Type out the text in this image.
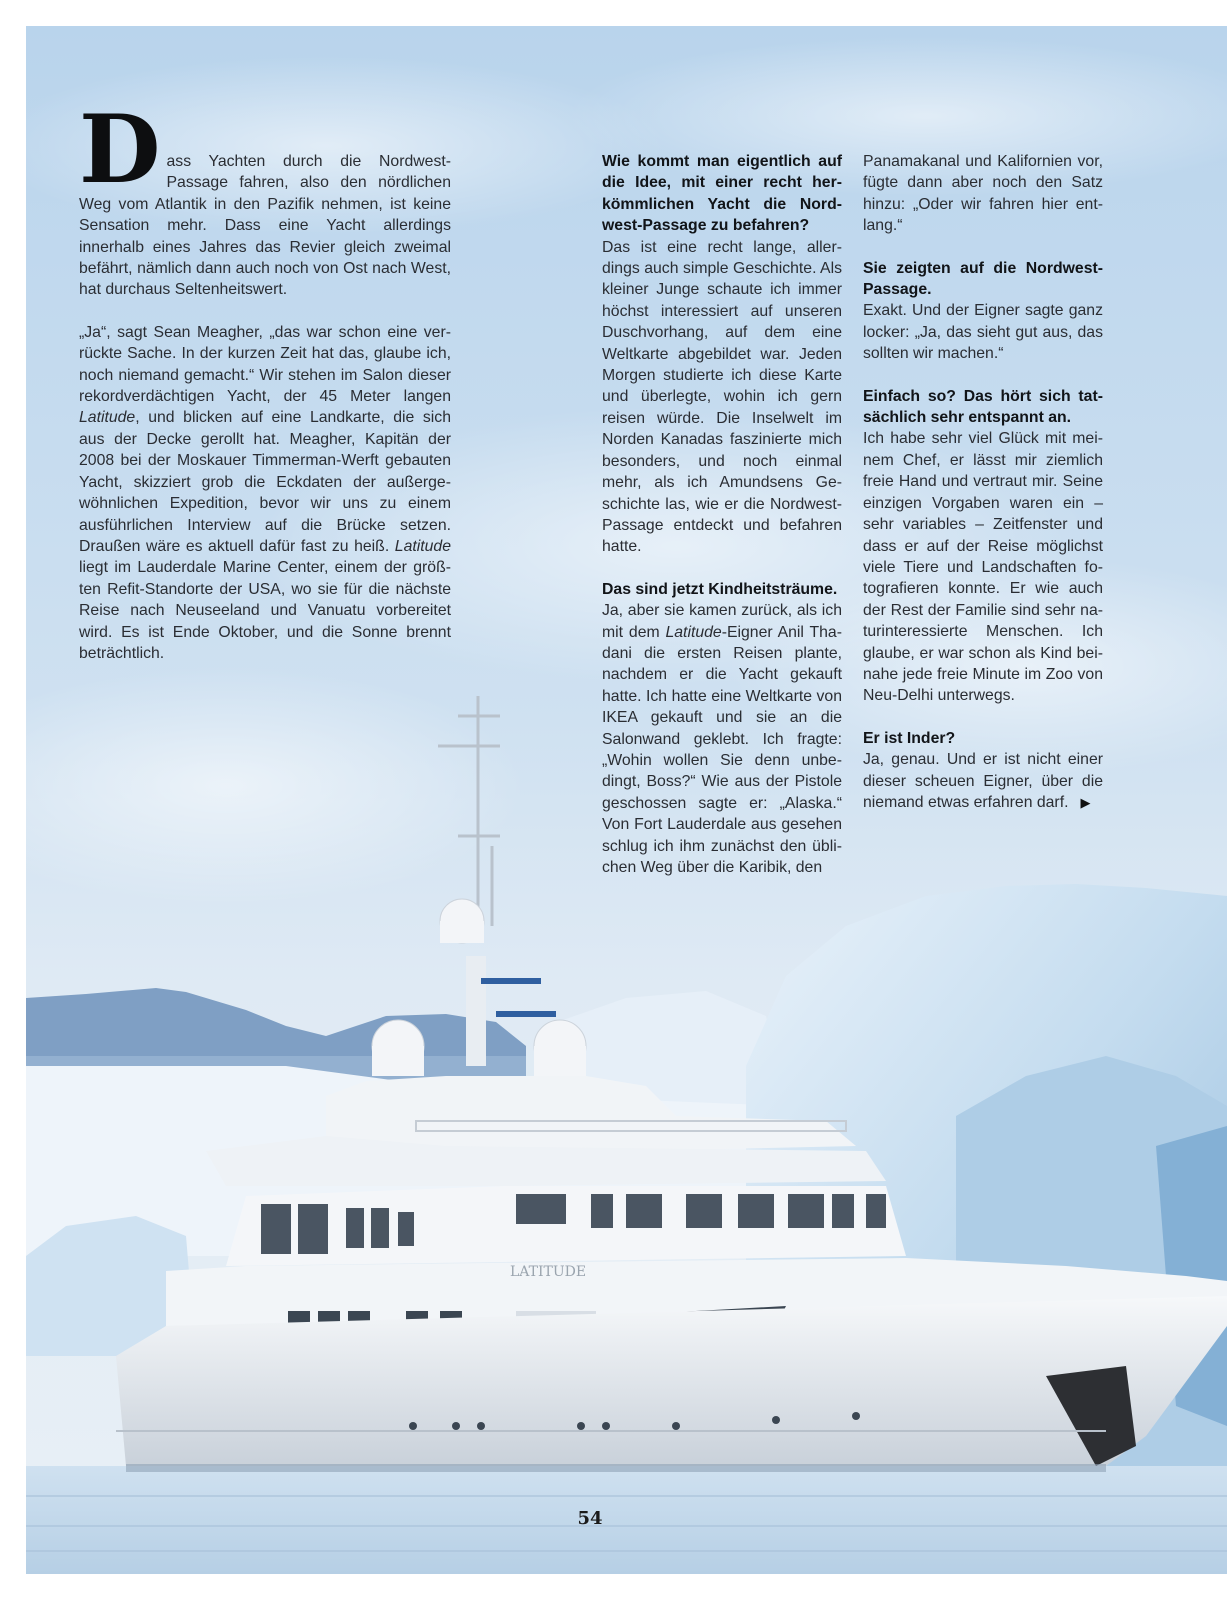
LATITUDE

Dass Yachten durch die Nordwest-Passage fahren, also den nördlichen Weg vom Atlantik in den Pazifik nehmen, ist keine Sensation mehr. Dass eine Yacht allerdings innerhalb eines Jahres das Revier gleich zweimal befährt, nämlich dann auch noch von Ost nach West, hat durchaus Seltenheitswert.

„Ja“, sagt Sean Meagher, „das war schon eine verrückte Sache. In der kurzen Zeit hat das, glaube ich, noch niemand gemacht.“ Wir stehen im Salon dieser rekordverdächtigen Yacht, der 45 Meter langen Latitude, und blicken auf eine Landkarte, die sich aus der Decke gerollt hat. Meagher, Kapitän der 2008 bei der Moskauer Timmerman-Werft gebauten Yacht, skizziert grob die Eckdaten der außergewöhnlichen Expedition, bevor wir uns zu einem ausführlichen Interview auf die Brücke setzen. Draußen wäre es aktuell dafür fast zu heiß. Latitude liegt im Lauderdale Marine Center, einem der größten Refit-Standorte der USA, wo sie für die nächste Reise nach Neuseeland und Vanuatu vorbereitet wird. Es ist Ende Oktober, und die Sonne brennt beträchtlich.

Wie kommt man eigentlich auf die Idee, mit einer recht herkömmlichen Yacht die Nordwest-Passage zu befahren?

Das ist eine recht lange, allerdings auch simple Geschichte. Als kleiner Junge schaute ich immer höchst interessiert auf unseren Duschvorhang, auf dem eine Weltkarte abgebildet war. Jeden Morgen studierte ich diese Karte und überlegte, wohin ich gern reisen würde. Die Inselwelt im Norden Kanadas faszinierte mich besonders, und noch einmal mehr, als ich Amundsens Geschichte las, wie er die Nordwest-Passage entdeckt und befahren hatte.

Das sind jetzt Kindheitsträume.

Ja, aber sie kamen zurück, als ich mit dem Latitude-Eigner Anil Thadani die ersten Reisen plante, nachdem er die Yacht gekauft hatte. Ich hatte eine Weltkarte von IKEA gekauft und sie an die Salonwand geklebt. Ich fragte: „Wohin wollen Sie denn unbedingt, Boss?“ Wie aus der Pistole geschossen sagte er: „Alaska.“ Von Fort Lauderdale aus gesehen schlug ich ihm zunächst den üblichen Weg über die Karibik, den

Panamakanal und Kalifornien vor, fügte dann aber noch den Satz hinzu: „Oder wir fahren hier entlang.“

Sie zeigten auf die Nordwest-Passage.

Exakt. Und der Eigner sagte ganz locker: „Ja, das sieht gut aus, das sollten wir machen.“

Einfach so? Das hört sich tatsächlich sehr entspannt an.

Ich habe sehr viel Glück mit meinem Chef, er lässt mir ziemlich freie Hand und vertraut mir. Seine einzigen Vorgaben waren ein – sehr variables – Zeitfenster und dass er auf der Reise möglichst viele Tiere und Landschaften fotografieren konnte. Er wie auch der Rest der Familie sind sehr naturinteressierte Menschen. Ich glaube, er war schon als Kind beinahe jede freie Minute im Zoo von Neu-Delhi unterwegs.

Er ist Inder?

Ja, genau. Und er ist nicht einer dieser scheuen Eigner, über die niemand etwas erfahren darf. ▶

54
